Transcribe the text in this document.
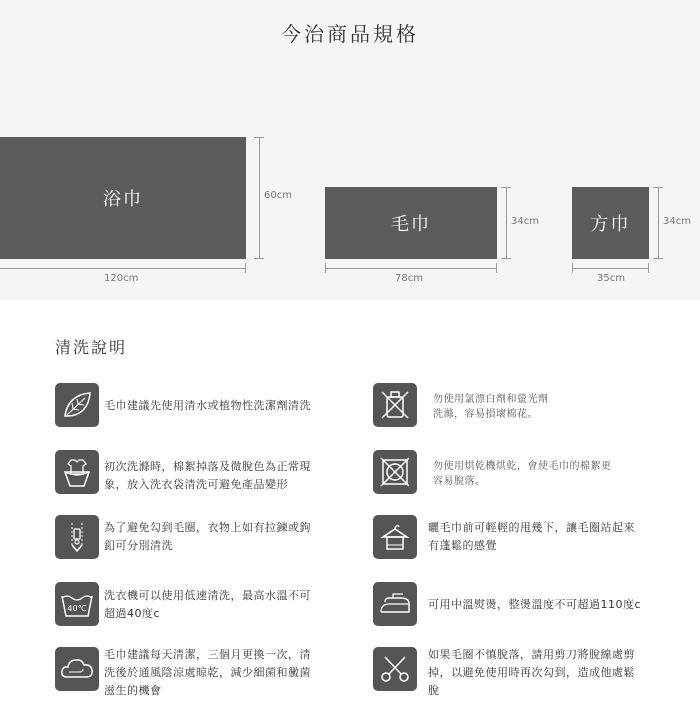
今治商品規格
浴巾	60cm
120cm
毛巾	34cm
78cm
方巾	34cm
35cm
清洗說明
毛巾建議先使用清水或植物性洗潔劑清洗	勿使用氯漂白劑和螢光劑
洗滌，容易損壞棉花。
初次洗滌時，棉絮掉落及微脫色為正常現
象，放入洗衣袋清洗可避免產品變形
勿使用烘乾機烘乾，會使毛巾的棉絮更
容易脫落。
為了避免勾到毛圈，衣物上如有拉鍊或鉤
釦可分別清洗
曬毛巾前可輕輕的甩幾下，讓毛圈站起來
有蓬鬆的感覺
40℃
洗衣機可以使用低速清洗，最高水溫不可
超過40度c
可用中溫熨燙，整燙溫度不可超過110度c
毛巾建議每天清潔，三個月更換一次，清
洗後於通風陰涼處晾乾，減少細菌和黴菌
滋生的機會
如果毛圈不慎脫落，請用剪刀將脫線處剪
掉，以避免使用時再次勾到，造成他處鬆
脫
